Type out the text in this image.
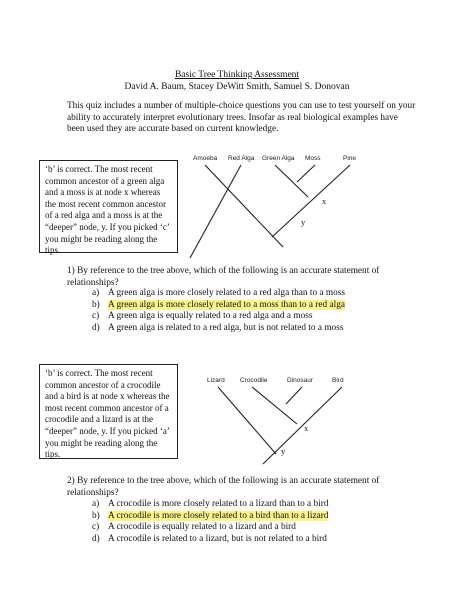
Basic Tree Thinking Assessment
David A. Baum, Stacey DeWitt Smith, Samuel S. Donovan
This quiz includes a number of multiple-choice questions you can use to test yourself on your ability to accurately interpret evolutionary trees. Insofar as real biological examples have been used they are accurate based on current knowledge.
‘b’ is correct. The most recent common ancestor of a green alga and a moss is at node x whereas the most recent common ancestor of a red alga and a moss is at the “deeper” node, y. If you picked ‘c’ you might be reading along the tips.
Amoeba Red Alga Green Alga Moss	Pine
x
y
1) By reference to the tree above, which of the following is an accurate statement of relationships?
a) A green alga is more closely related to a red alga than to a moss
b) A green alga is more closely related to a moss than to a red alga
c) A green alga is equally related to a red alga and a moss
d) A green alga is related to a red alga, but is not related to a moss
‘b’ is correct. The most recent common ancestor of a crocodile and a bird is at node x whereas the most recent common ancestor of a crocodile and a lizard is at the “deeper” node, y. If you picked ‘a’ you might be reading along the tips.
Lizard Crocodile	Dinosaur	Bird
x
y
2) By reference to the tree above, which of the following is an accurate statement of relationships?
a) A crocodile is more closely related to a lizard than to a bird
b) A crocodile is more closely related to a bird than to a lizard
c) A crocodile is equally related to a lizard and a bird
d) A crocodile is related to a lizard, but is not related to a bird
